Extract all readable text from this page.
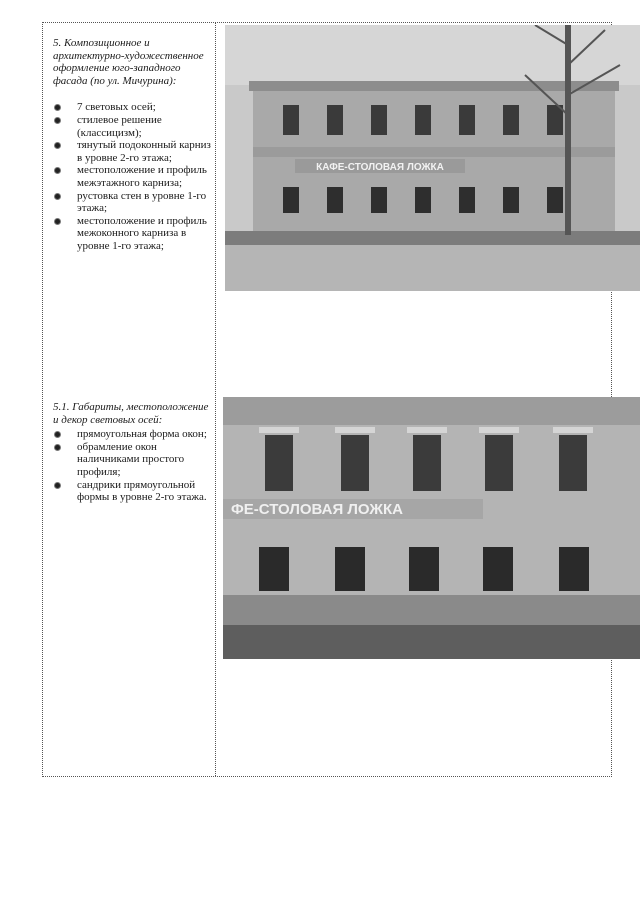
5. Композиционное и архитектурно-художественное оформление юго-западного фасада (по ул. Мичурина):

7 световых осей;
стилевое решение (классицизм);
тянутый подоконный карниз в уровне 2-го этажа;
местоположение и профиль межэтажного карниза;
рустовка стен в уровне 1-го этажа;
местоположение и профиль межоконного карниза в уровне 1-го этажа;

5.1. Габариты, местоположение и декор световых осей:

прямоугольная форма окон;
обрамление окон наличниками простого профиля;
сандрики прямоугольной формы в уровне 2-го этажа.
КАФЕ-СТОЛОВАЯ ЛОЖКА
ФЕ-СТОЛОВАЯ ЛОЖКА
